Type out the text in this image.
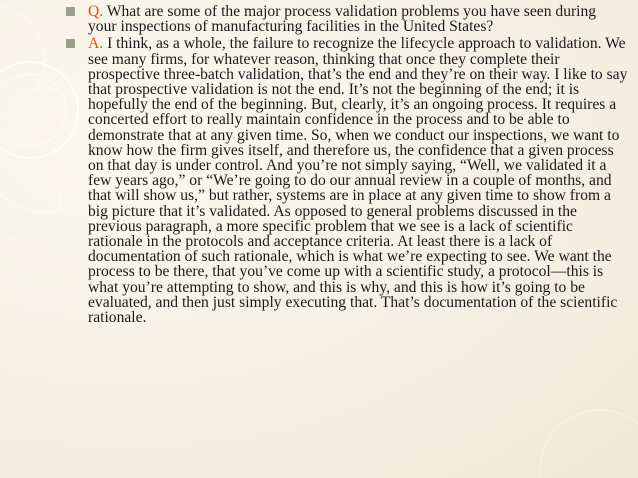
Q. What are some of the major process validation problems you have seen during your inspections of manufacturing facilities in the United States?
A. I think, as a whole, the failure to recognize the lifecycle approach to validation. We see many firms, for whatever reason, thinking that once they complete their prospective three-batch validation, that’s the end and they’re on their way. I like to say that prospective validation is not the end. It’s not the beginning of the end; it is hopefully the end of the beginning. But, clearly, it’s an ongoing process. It requires a concerted effort to really maintain confidence in the process and to be able to demonstrate that at any given time. So, when we conduct our inspections, we want to know how the firm gives itself, and therefore us, the confidence that a given process on that day is under control. And you’re not simply saying, “Well, we validated it a few years ago,” or “We’re going to do our annual review in a couple of months, and that will show us,” but rather, systems are in place at any given time to show from a big picture that it’s validated. As opposed to general problems discussed in the previous paragraph, a more specific problem that we see is a lack of scientific rationale in the protocols and acceptance criteria. At least there is a lack of documentation of such rationale, which is what we’re expecting to see. We want the process to be there, that you’ve come up with a scientific study, a protocol—this is what you’re attempting to show, and this is why, and this is how it’s going to be evaluated, and then just simply executing that. That’s documentation of the scientific rationale.
